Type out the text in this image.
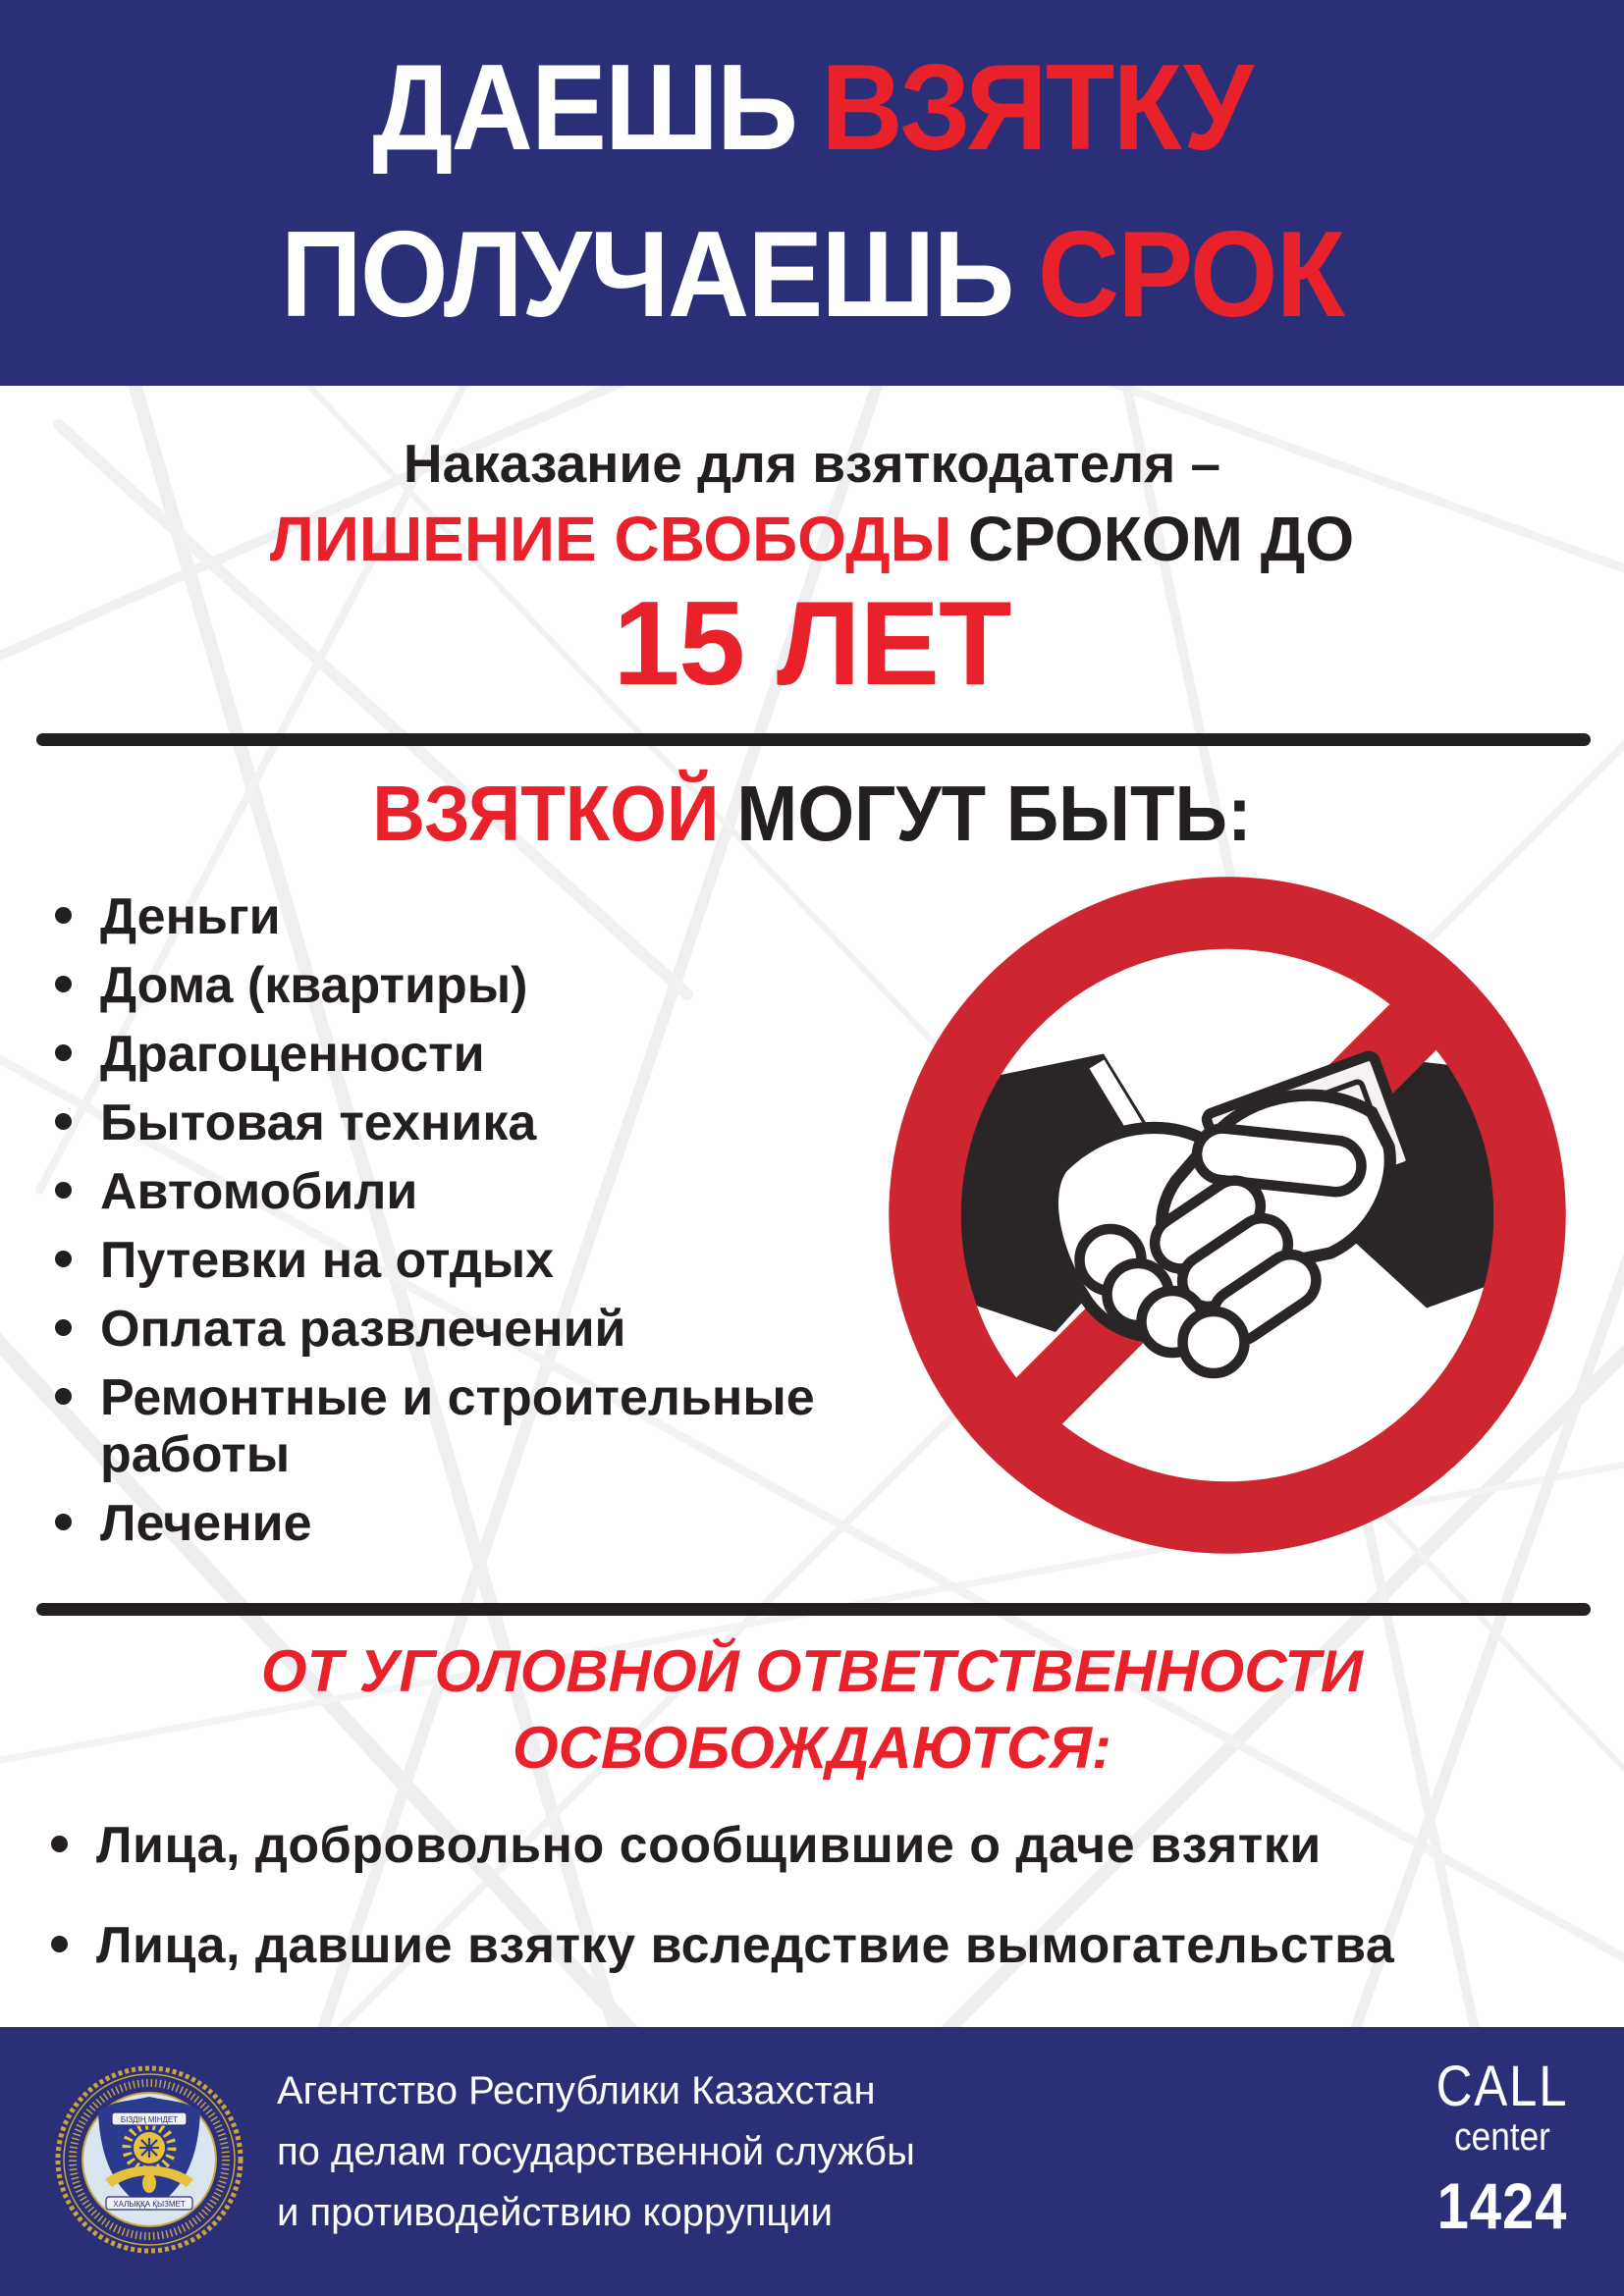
ДАЕШЬ ВЗЯТКУ
ПОЛУЧАЕШЬ СРОК
Наказание для взяткодателя –
ЛИШЕНИЕ СВОБОДЫ СРОКОМ ДО
15 ЛЕТ
ВЗЯТКОЙ МОГУТ БЫТЬ:
Деньги
Дома (квартиры)
Драгоценности
Бытовая техника
Автомобили
Путевки на отдых
Оплата развлечений
Ремонтные и строительные работы
Лечение
ОТ УГОЛОВНОЙ ОТВЕТСТВЕННОСТИ
ОСВОБОЖДАЮТСЯ:
Лица, добровольно сообщившие о даче взятки
Лица, давшие взятку вследствие вымогательства
БІЗДІҢ МІНДЕТ
ХАЛЫҚҚА ҚЫЗМЕТ
Агентство Республики Казахстан
по делам государственной службы
и противодействию коррупции
CALL
center
1424
